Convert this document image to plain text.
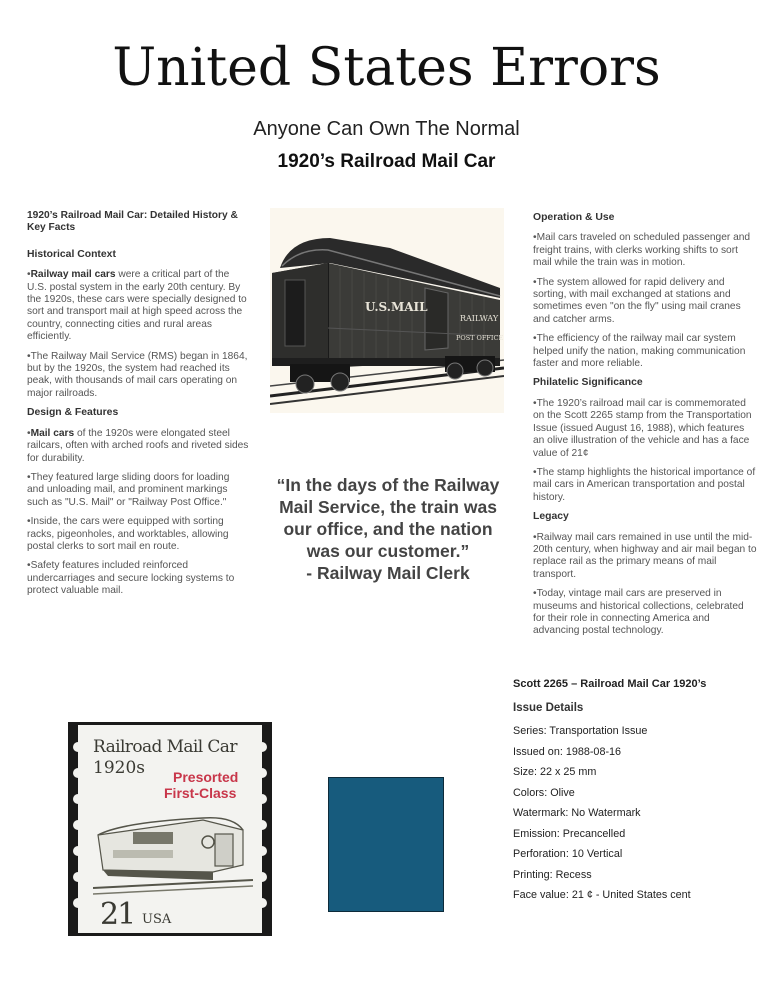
United States Errors
Anyone Can Own The Normal
1920’s Railroad Mail Car
1920’s Railroad Mail Car: Detailed History & Key Facts
Historical Context
•Railway mail cars were a critical part of the U.S. postal system in the early 20th century. By the 1920s, these cars were specially designed to sort and transport mail at high speed across the country, connecting cities and rural areas efficiently.
•The Railway Mail Service (RMS) began in 1864, but by the 1920s, the system had reached its peak, with thousands of mail cars operating on major railroads.
Design & Features
•Mail cars of the 1920s were elongated steel railcars, often with arched roofs and riveted sides for durability.
•They featured large sliding doors for loading and unloading mail, and prominent markings such as "U.S. Mail" or "Railway Post Office."
•Inside, the cars were equipped with sorting racks, pigeonholes, and worktables, allowing postal clerks to sort mail en route.
•Safety features included reinforced undercarriages and secure locking systems to protect valuable mail.
U.S.MAIL
RAILWAY
POST OFFICE
“In the days of the Railway Mail Service, the train was our office, and the nation was our customer.”
- Railway Mail Clerk
Operation & Use
•Mail cars traveled on scheduled passenger and freight trains, with clerks working shifts to sort mail while the train was in motion.
•The system allowed for rapid delivery and sorting, with mail exchanged at stations and sometimes even "on the fly" using mail cranes and catcher arms.
•The efficiency of the railway mail car system helped unify the nation, making communication faster and more reliable.
Philatelic Significance
•The 1920’s railroad mail car is commemorated on the Scott 2265 stamp from the Transportation Issue (issued August 16, 1988), which features an olive illustration of the vehicle and has a face value of 21¢
•The stamp highlights the historical importance of mail cars in American transportation and postal history.
Legacy
•Railway mail cars remained in use until the mid-20th century, when highway and air mail began to replace rail as the primary means of mail transport.
•Today, vintage mail cars are preserved in museums and historical collections, celebrated for their role in connecting America and advancing postal technology.
Railroad Mail Car
1920s Presorted
First-Class
21 USA
Scott 2265 – Railroad Mail Car 1920’s
Issue Details
Series: Transportation Issue
Issued on: 1988-08-16
Size: 22 x 25 mm
Colors: Olive
Watermark: No Watermark
Emission: Precancelled
Perforation: 10 Vertical
Printing: Recess
Face value: 21 ¢ - United States cent
